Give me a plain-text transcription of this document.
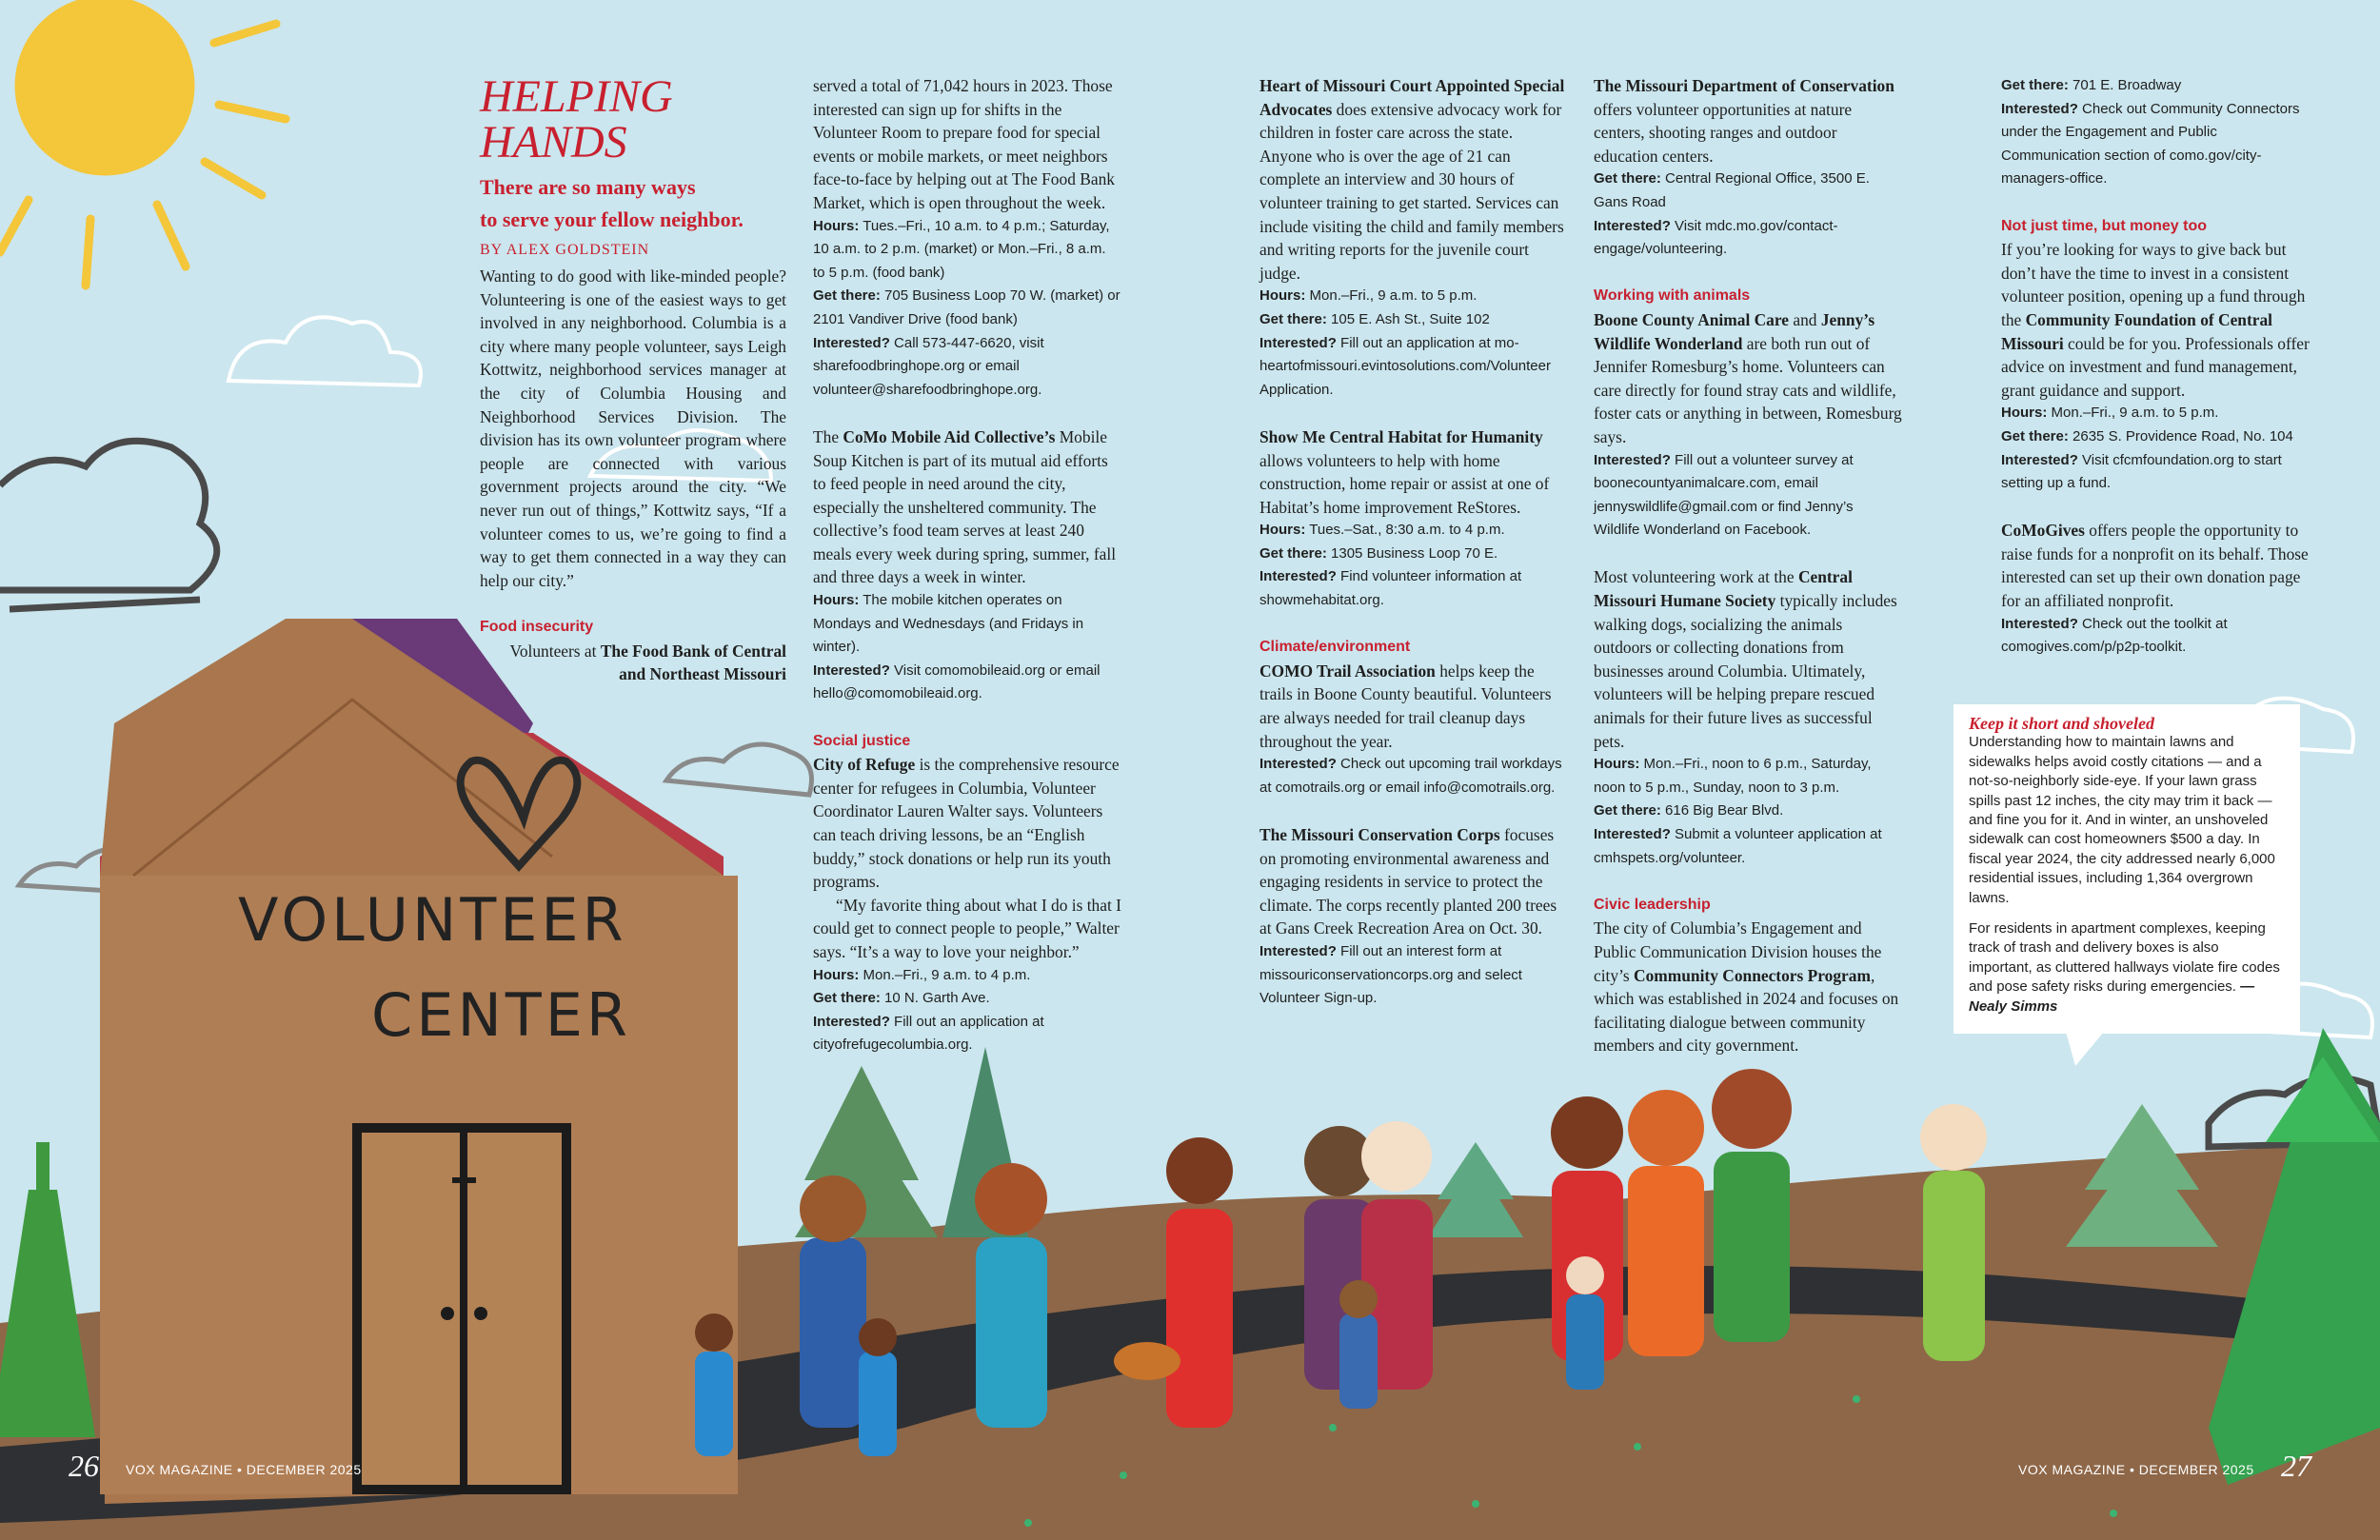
HELPING
HANDS
There are so many ways
to serve your fellow neighbor.
BY ALEX GOLDSTEIN

Wanting to do good with like-minded people? Volunteering is one of the easiest ways to get involved in any neighborhood. Columbia is a city where many people volunteer, says Leigh Kottwitz, neighborhood services manager at the city of Columbia Housing and Neighborhood Services Division. The division has its own volunteer program where people are connected with various government projects around the city. “We never run out of things,” Kottwitz says, “If a volunteer comes to us, we’re going to find a way to get them connected in a way they can help our city.”

Food insecurity

Volunteers at The Food Bank of Central and Northeast Missouri

served a total of 71,042 hours in 2023. Those interested can sign up for shifts in the Volunteer Room to prepare food for special events or mobile markets, or meet neighbors face-to-face by helping out at The Food Bank Market, which is open throughout the week.

Hours: Tues.–Fri., 10 a.m. to 4 p.m.; Saturday, 10 a.m. to 2 p.m. (market) or Mon.–Fri., 8 a.m. to 5 p.m. (food bank)

Get there: 705 Business Loop 70 W. (market) or 2101 Vandiver Drive (food bank)

Interested? Call 573-447-6620, visit sharefoodbringhope.org or email volunteer@sharefoodbringhope.org.

The CoMo Mobile Aid Collective’s Mobile Soup Kitchen is part of its mutual aid efforts to feed people in need around the city, especially the unsheltered community. The collective’s food team serves at least 240 meals every week during spring, summer, fall and three days a week in winter.

Hours: The mobile kitchen operates on Mondays and Wednesdays (and Fridays in winter).

Interested? Visit comomobileaid.org or email hello@comomobileaid.org.

Social justice

City of Refuge is the comprehensive resource center for refugees in Columbia, Volunteer Coordinator Lauren Walter says. Volunteers can teach driving lessons, be an “English buddy,” stock donations or help run its youth programs.

“My favorite thing about what I do is that I could get to connect people to people,” Walter says. “It’s a way to love your neighbor.”

Hours: Mon.–Fri., 9 a.m. to 4 p.m.

Get there: 10 N. Garth Ave.

Interested? Fill out an application at cityofrefugecolumbia.org.

VOLUNTEER
CENTER

Heart of Missouri Court Appointed Special Advocates does extensive advocacy work for children in foster care across the state. Anyone who is over the age of 21 can complete an interview and 30 hours of volunteer training to get started. Services can include visiting the child and family members and writing reports for the juvenile court judge.

Hours: Mon.–Fri., 9 a.m. to 5 p.m.

Get there: 105 E. Ash St., Suite 102

Interested? Fill out an application at mo-heartofmissouri.evintosolutions.com/Volunteer Application.

Show Me Central Habitat for Humanity allows volunteers to help with home construction, home repair or assist at one of Habitat’s home improvement ReStores.

Hours: Tues.–Sat., 8:30 a.m. to 4 p.m.

Get there: 1305 Business Loop 70 E.

Interested? Find volunteer information at showmehabitat.org.

Climate/environment

COMO Trail Association helps keep the trails in Boone County beautiful. Volunteers are always needed for trail cleanup days throughout the year.

Interested? Check out upcoming trail workdays at comotrails.org or email info@comotrails.org.

The Missouri Conservation Corps focuses on promoting environmental awareness and engaging residents in service to protect the climate. The corps recently planted 200 trees at Gans Creek Recreation Area on Oct. 30.

Interested? Fill out an interest form at missouriconservationcorps.org and select Volunteer Sign-up.

The Missouri Department of Conservation offers volunteer opportunities at nature centers, shooting ranges and outdoor education centers.

Get there: Central Regional Office, 3500 E. Gans Road

Interested? Visit mdc.mo.gov/contact-engage/volunteering.

Working with animals

Boone County Animal Care and Jenny’s Wildlife Wonderland are both run out of Jennifer Romesburg’s home. Volunteers can care directly for found stray cats and wildlife, foster cats or anything in between, Romesburg says.

Interested? Fill out a volunteer survey at boonecountyanimalcare.com, email jennyswildlife@gmail.com or find Jenny’s Wildlife Wonderland on Facebook.

Most volunteering work at the Central Missouri Humane Society typically includes walking dogs, socializing the animals outdoors or collecting donations from businesses around Columbia. Ultimately, volunteers will be helping prepare rescued animals for their future lives as successful pets.

Hours: Mon.–Fri., noon to 6 p.m., Saturday, noon to 5 p.m., Sunday, noon to 3 p.m.

Get there: 616 Big Bear Blvd.

Interested? Submit a volunteer application at cmhspets.org/volunteer.

Civic leadership

The city of Columbia’s Engagement and Public Communication Division houses the city’s Community Connectors Program, which was established in 2024 and focuses on facilitating dialogue between community members and city government.

Get there: 701 E. Broadway

Interested? Check out Community Connectors under the Engagement and Public Communication section of como.gov/city-managers-office.

Not just time, but money too

If you’re looking for ways to give back but don’t have the time to invest in a consistent volunteer position, opening up a fund through the Community Foundation of Central Missouri could be for you. Professionals offer advice on investment and fund management, grant guidance and support.

Hours: Mon.–Fri., 9 a.m. to 5 p.m.

Get there: 2635 S. Providence Road, No. 104

Interested? Visit cfcmfoundation.org to start setting up a fund.

CoMoGives offers people the opportunity to raise funds for a nonprofit on its behalf. Those interested can set up their own donation page for an affiliated nonprofit.

Interested? Check out the toolkit at comogives.com/p/p2p-toolkit.

Keep it short and shoveled

Understanding how to maintain lawns and sidewalks helps avoid costly citations — and a not-so-neighborly side-eye. If your lawn grass spills past 12 inches, the city may trim it back — and fine you for it. And in winter, an unshoveled sidewalk can cost homeowners $500 a day. In fiscal year 2024, the city addressed nearly 6,000 residential issues, including 1,364 overgrown lawns.

For residents in apartment complexes, keeping track of trash and delivery boxes is also important, as cluttered hallways violate fire codes and pose safety risks during emergencies. — Nealy Simms

26 VOX MAGAZINE • DECEMBER 2025	VOX MAGAZINE • DECEMBER 2025 27
